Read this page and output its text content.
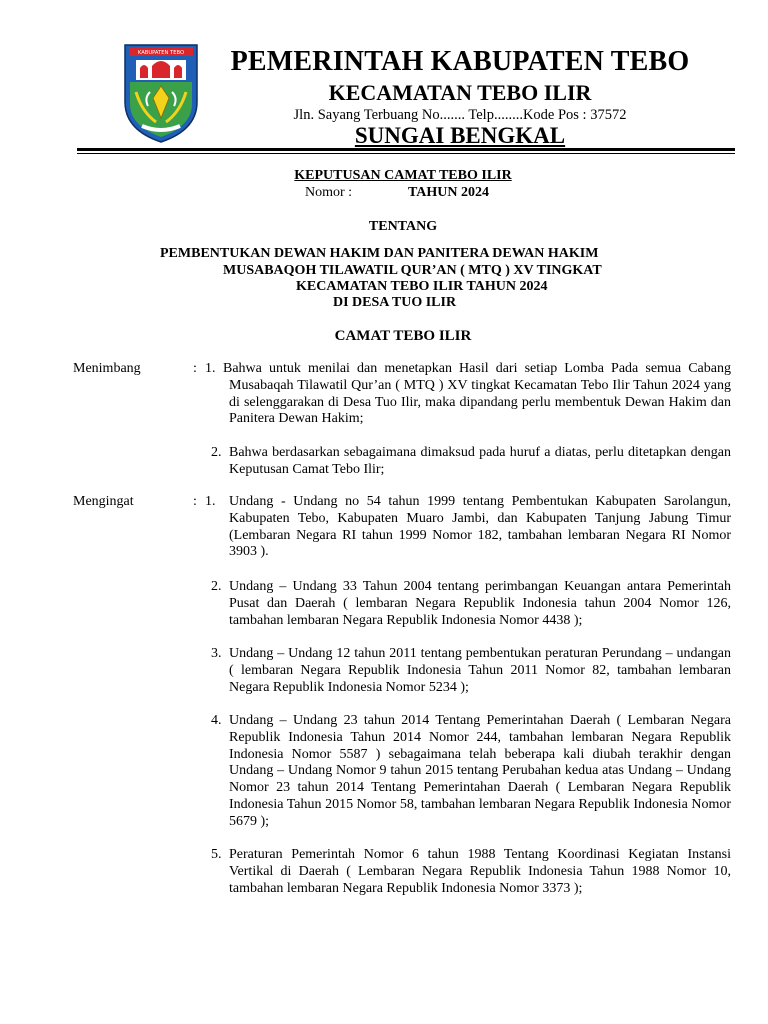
KABUPATEN TEBO	PEMERINTAH KABUPATEN TEBO
KECAMATAN TEBO ILIR
Jln. Sayang Terbuang No....... Telp........Kode Pos : 37572
SUNGAI BENGKAL
KEPUTUSAN CAMAT TEBO ILIR
Nomor :	TAHUN 2024
TENTANG
PEMBENTUKAN DEWAN HAKIM DAN PANITERA DEWAN HAKIM
MUSABAQOH TILAWATIL QUR’AN ( MTQ ) XV TINGKAT
KECAMATAN TEBO ILIR TAHUN 2024
DI DESA TUO ILIR
CAMAT TEBO ILIR
Menimbang	: 1. Bahwa untuk menilai dan menetapkan Hasil dari setiap Lomba Pada semua Cabang Musabaqah Tilawatil Qur’an ( MTQ ) XV tingkat Kecamatan Tebo Ilir Tahun 2024 yang di selenggarakan di Desa Tuo Ilir, maka dipandang perlu membentuk Dewan Hakim dan Panitera Dewan Hakim;
2. Bahwa berdasarkan sebagaimana dimaksud pada huruf a diatas, perlu ditetapkan dengan Keputusan Camat Tebo Ilir;
Mengingat	: 1. Undang - Undang no 54 tahun 1999 tentang Pembentukan Kabupaten Sarolangun, Kabupaten Tebo, Kabupaten Muaro Jambi, dan Kabupaten Tanjung Jabung Timur (Lembaran Negara RI tahun 1999 Nomor 182, tambahan lembaran Negara RI Nomor 3903 ).
2. Undang – Undang 33 Tahun 2004 tentang perimbangan Keuangan antara Pemerintah Pusat dan Daerah ( lembaran Negara Republik Indonesia tahun 2004 Nomor 126, tambahan lembaran Negara Republik Indonesia Nomor 4438 );
3. Undang – Undang 12 tahun 2011 tentang pembentukan peraturan Perundang – undangan ( lembaran Negara Republik Indonesia Tahun 2011 Nomor 82, tambahan lembaran Negara Republik Indonesia Nomor 5234 );
4. Undang – Undang 23 tahun 2014 Tentang Pemerintahan Daerah ( Lembaran Negara Republik Indonesia Tahun 2014 Nomor 244, tambahan lembaran Negara Republik Indonesia Nomor 5587 ) sebagaimana telah beberapa kali diubah terakhir dengan Undang – Undang Nomor 9 tahun 2015 tentang Perubahan kedua atas Undang – Undang Nomor 23 tahun 2014 Tentang Pemerintahan Daerah ( Lembaran Negara Republik Indonesia Tahun 2015 Nomor 58, tambahan lembaran Negara Republik Indonesia Nomor 5679 );
5. Peraturan Pemerintah Nomor 6 tahun 1988 Tentang Koordinasi Kegiatan Instansi Vertikal di Daerah ( Lembaran Negara Republik Indonesia Tahun 1988 Nomor 10, tambahan lembaran Negara Republik Indonesia Nomor 3373 );
